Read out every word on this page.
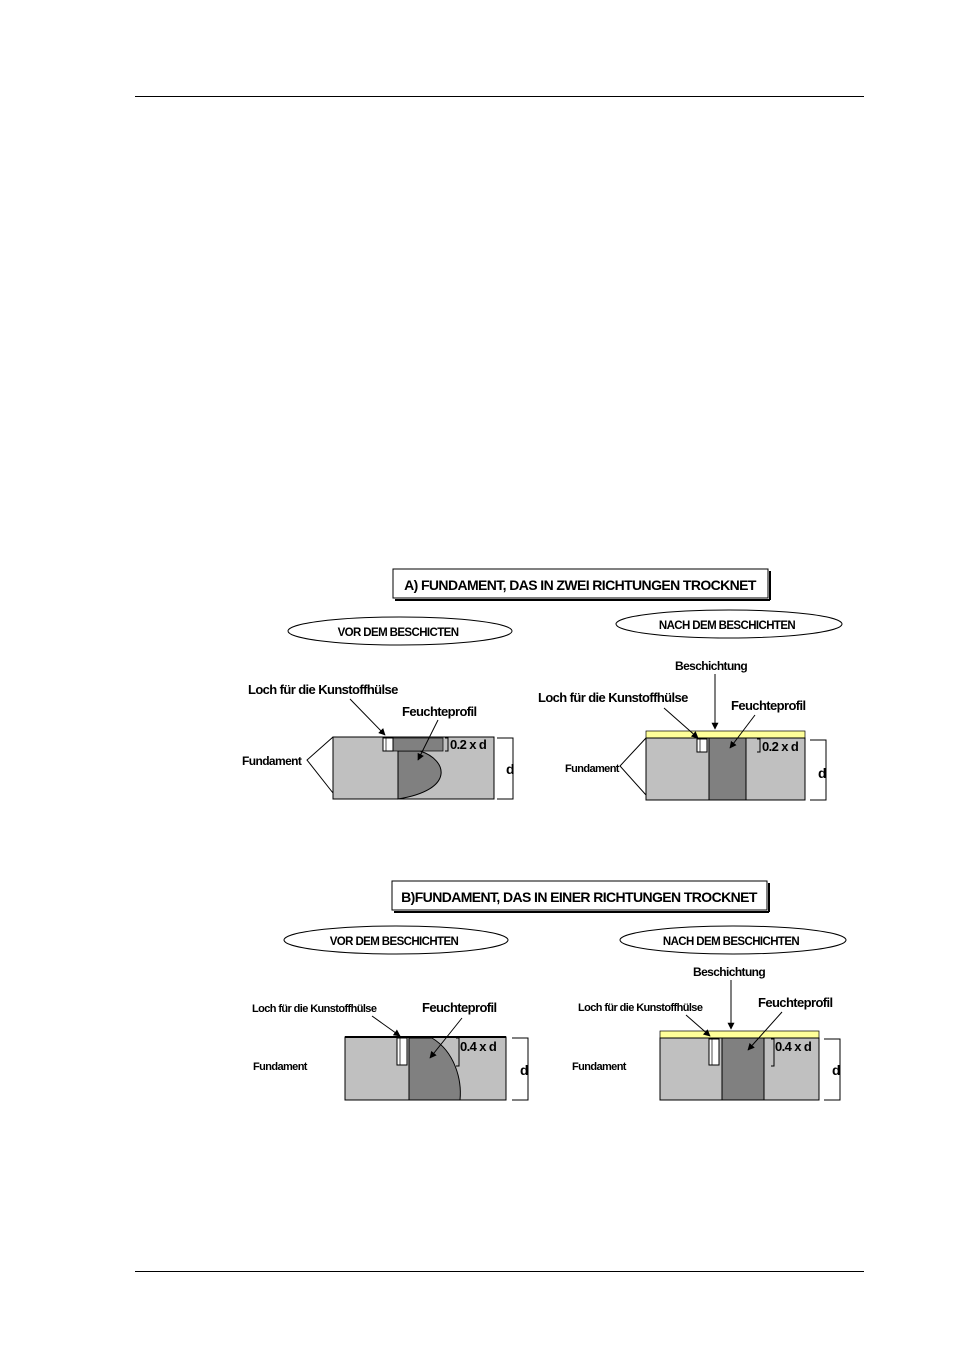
A) FUNDAMENT, DAS IN ZWEI RICHTUNGEN TROCKNET
VOR DEM BESCHICTEN
Loch für die Kunstoffhülse
Feuchteprofil
Fundament
0.2 x d
d
NACH DEM BESCHICHTEN
Beschichtung
Loch für die Kunstoffhülse
Feuchteprofil
Fundament
0.2 x d
d
B)FUNDAMENT, DAS IN EINER RICHTUNGEN TROCKNET
VOR DEM BESCHICHTEN
Loch für die Kunstoffhülse	Feuchteprofil
Fundament
0.4 x d
d
NACH DEM BESCHICHTEN
Beschichtung
Loch für die Kunstoffhülse	Feuchteprofil
Fundament
0.4 x d
d
